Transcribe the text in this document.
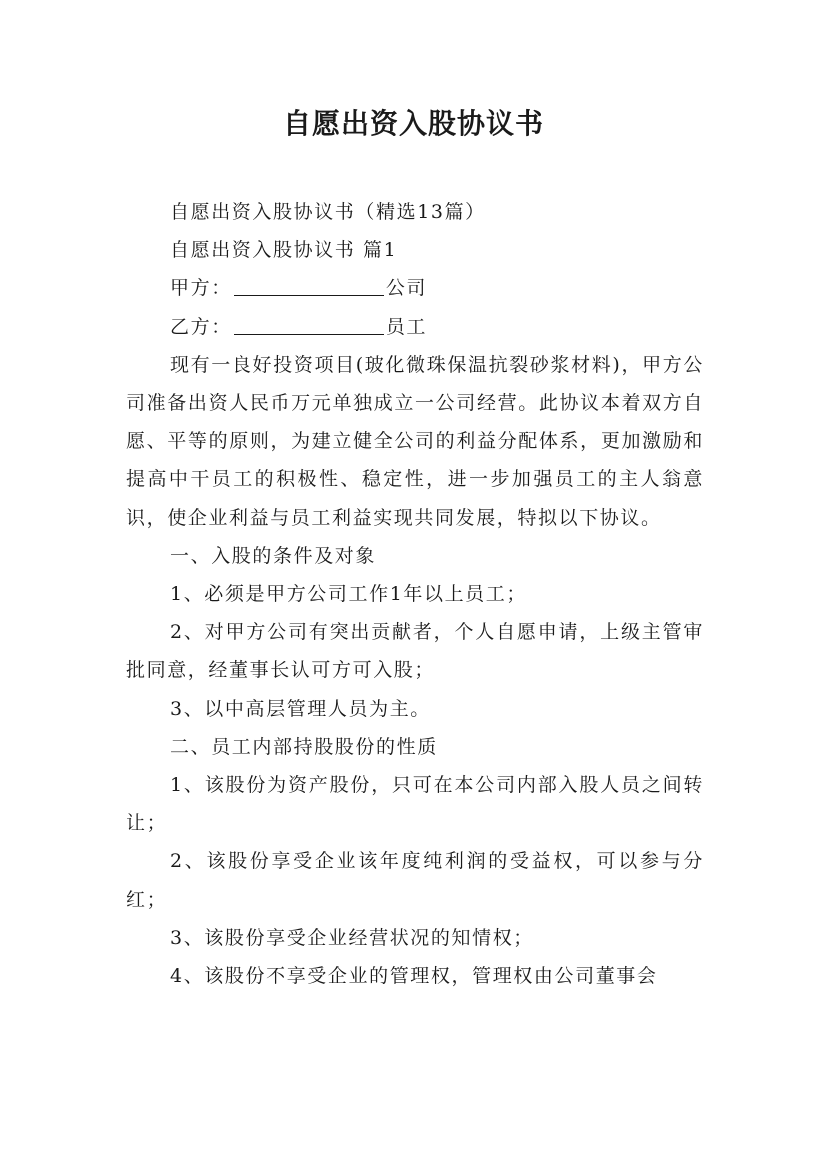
自愿出资入股协议书

自愿出资入股协议书（精选13篇）

自愿出资入股协议书 篇1

甲方：	公司

乙方：	员工

现有一良好投资项目(玻化微珠保温抗裂砂浆材料)，甲方公司准备出资人民币万元单独成立一公司经营。此协议本着双方自愿、平等的原则，为建立健全公司的利益分配体系，更加激励和提高中干员工的积极性、稳定性，进一步加强员工的主人翁意识，使企业利益与员工利益实现共同发展，特拟以下协议。

一、入股的条件及对象

1、必须是甲方公司工作1年以上员工；

2、对甲方公司有突出贡献者，个人自愿申请，上级主管审批同意，经董事长认可方可入股；

3、以中高层管理人员为主。

二、员工内部持股股份的性质

1、该股份为资产股份，只可在本公司内部入股人员之间转让；

2、该股份享受企业该年度纯利润的受益权，可以参与分红；

3、该股份享受企业经营状况的知情权；

4、该股份不享受企业的管理权，管理权由公司董事会
